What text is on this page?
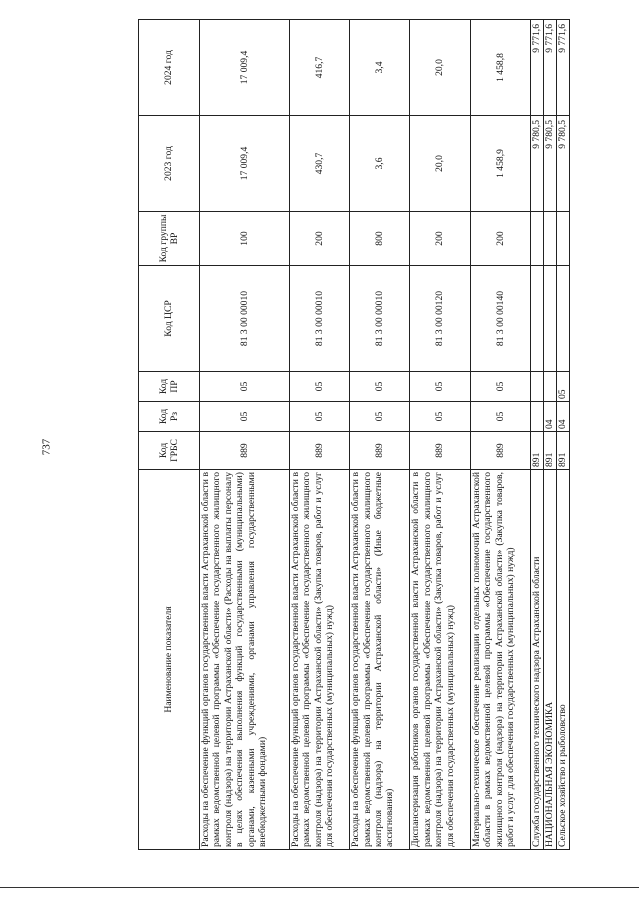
737
Наименование показателя	Код ГРБС	Код Рз	Код ПР	Код ЦСР	Код группы ВР	2023 год	2024 год
Расходы на обеспечение функций органов государственной власти Астраханской области в рамках ведомственной целевой программы «Обеспечение государственного жилищного контроля (надзора) на территории Астраханской области» (Расходы на выплаты персоналу в целях обеспечения выполнения функций государственными (муниципальными) органами, казенными учреждениями, органами управления государственными внебюджетными фондами)	889	05	05	81 3 00 00010	100	17 009,4	17 009,4
Расходы на обеспечение функций органов государственной власти Астраханской области в рамках ведомственной целевой программы «Обеспечение государственного жилищного контроля (надзора) на территории Астраханской области» (Закупка товаров, работ и услуг для обеспечения государственных (муниципальных) нужд)	889	05	05	81 3 00 00010	200	430,7	416,7
Расходы на обеспечение функций органов государственной власти Астраханской области в рамках ведомственной целевой программы «Обеспечение государственного жилищного контроля (надзора) на территории Астраханской области» (Иные бюджетные ассигнования)	889	05	05	81 3 00 00010	800	3,6	3,4
Диспансеризация работников органов государственной власти Астраханской области в рамках ведомственной целевой программы «Обеспечение государственного жилищного контроля (надзора) на территории Астраханской области» (Закупка товаров, работ и услуг для обеспечения государственных (муниципальных) нужд)	889	05	05	81 3 00 00120	200	20,0	20,0
Материально-техническое обеспечение реализации отдельных полномочий Астраханской области в рамках ведомственной целевой программы «Обеспечение государственного жилищного контроля (надзора) на территории Астраханской области» (Закупка товаров, работ и услуг для обеспечения государственных (муниципальных) нужд)	889	05	05	81 3 00 00140	200	1 458,9	1 458,8
Служба государственного технического надзора Астраханской области	891					9 780,5	9 771,6
НАЦИОНАЛЬНАЯ ЭКОНОМИКА	891	04				9 780,5	9 771,6
Сельское хозяйство и рыболовство	891	04	05			9 780,5	9 771,6
